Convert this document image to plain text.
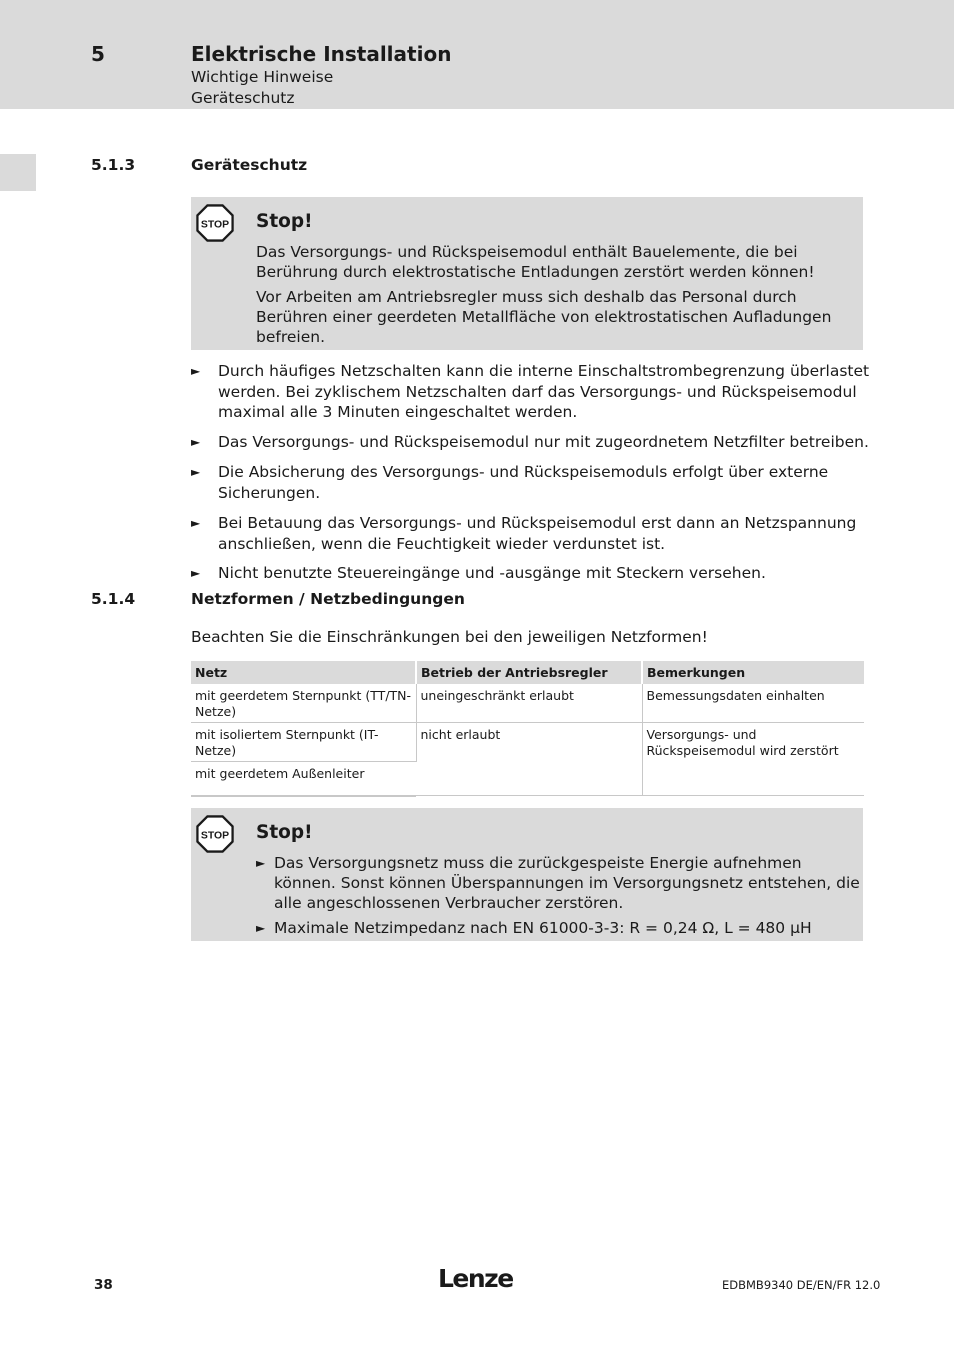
5	Elektrische Installation
Wichtige Hinweise
Geräteschutz
5.1.3	Geräteschutz
STOP Stop!
Das Versorgungs- und Rückspeisemodul enthält Bauelemente, die bei Berührung durch elektrostatische Entladungen zerstört werden können!
Vor Arbeiten am Antriebsregler muss sich deshalb das Personal durch Berühren einer geerdeten Metallfläche von elektrostatischen Aufladungen befreien.
► Durch häufiges Netzschalten kann die interne Einschaltstrombegrenzung überlastet werden. Bei zyklischem Netzschalten darf das Versorgungs- und Rückspeisemodul maximal alle 3 Minuten eingeschaltet werden.
► Das Versorgungs- und Rückspeisemodul nur mit zugeordnetem Netzfilter betreiben.
► Die Absicherung des Versorgungs- und Rückspeisemoduls erfolgt über externe Sicherungen.
► Bei Betauung das Versorgungs- und Rückspeisemodul erst dann an Netzspannung anschließen, wenn die Feuchtigkeit wieder verdunstet ist.
► Nicht benutzte Steuereingänge und -ausgänge mit Steckern versehen.
5.1.4	Netzformen / Netzbedingungen
Beachten Sie die Einschränkungen bei den jeweiligen Netzformen!
Netz	Betrieb der Antriebsregler	Bemerkungen
mit geerdetem Sternpunkt (TT/TN-Netze)	uneingeschränkt erlaubt	Bemessungsdaten einhalten
mit isoliertem Sternpunkt (IT-Netze)	nicht erlaubt	Versorgungs- und Rückspeisemodul wird zerstört
mit geerdetem Außenleiter		
STOP Stop!
► Das Versorgungsnetz muss die zurückgespeiste Energie aufnehmen können. Sonst können Überspannungen im Versorgungsnetz entstehen, die alle angeschlossenen Verbraucher zerstören.
► Maximale Netzimpedanz nach EN 61000-3-3: R = 0,24 Ω, L = 480 µH
38	Lenze	EDBMB9340 DE/EN/FR 12.0
